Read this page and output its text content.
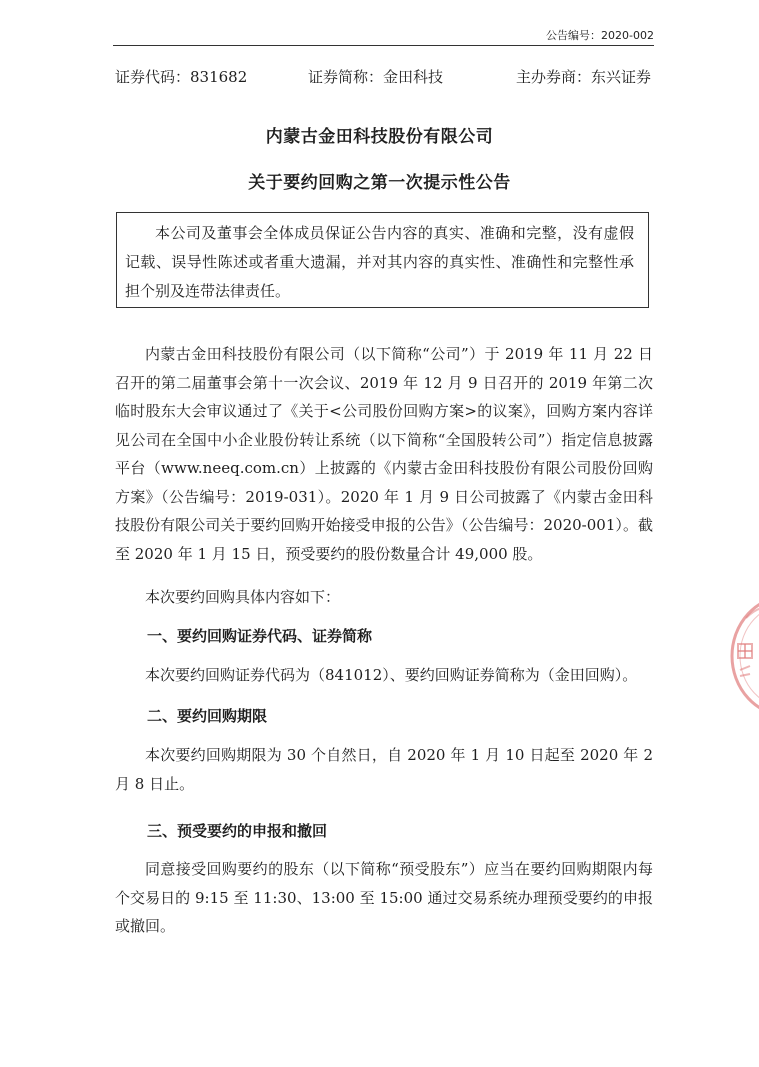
公告编号：2020-002
证券代码：831682	证券简称：金田科技	主办券商：东兴证券
内蒙古金田科技股份有限公司
关于要约回购之第一次提示性公告
本公司及董事会全体成员保证公告内容的真实、准确和完整，没有虚假记载、误导性陈述或者重大遗漏，并对其内容的真实性、准确性和完整性承担个别及连带法律责任。
内蒙古金田科技股份有限公司（以下简称“公司”）于 2019 年 11 月 22 日召开的第二届董事会第十一次会议、2019 年 12 月 9 日召开的 2019 年第二次临时股东大会审议通过了《关于<公司股份回购方案>的议案》，回购方案内容详见公司在全国中小企业股份转让系统（以下简称“全国股转公司”）指定信息披露平台（www.neeq.com.cn）上披露的《内蒙古金田科技股份有限公司股份回购方案》（公告编号：2019-031）。2020 年 1 月 9 日公司披露了《内蒙古金田科技股份有限公司关于要约回购开始接受申报的公告》（公告编号：2020-001）。截至 2020 年 1 月 15 日，预受要约的股份数量合计 49,000 股。
本次要约回购具体内容如下：
一、要约回购证券代码、证券简称
本次要约回购证券代码为（841012）、要约回购证券简称为（金田回购）。
二、要约回购期限
本次要约回购期限为 30 个自然日，自 2020 年 1 月 10 日起至 2020 年 2 月 8 日止。
三、预受要约的申报和撤回
同意接受回购要约的股东（以下简称“预受股东”）应当在要约回购期限内每个交易日的 9:15 至 11:30、13:00 至 15:00 通过交易系统办理预受要约的申报或撤回。
